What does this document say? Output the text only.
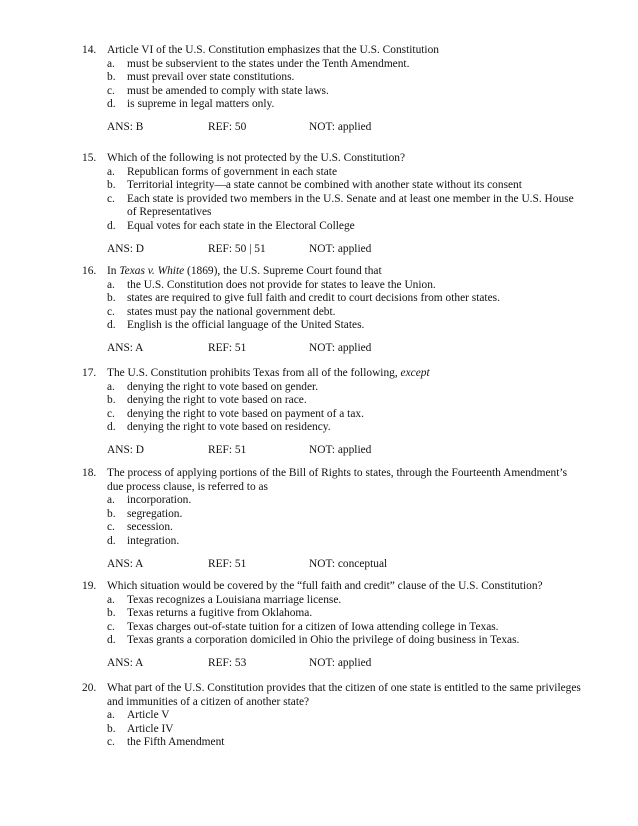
14. Article VI of the U.S. Constitution emphasizes that the U.S. Constitution
a.	must be subservient to the states under the Tenth Amendment.
b.	must prevail over state constitutions.
c.	must be amended to comply with state laws.
d.	is supreme in legal matters only.
ANS: B	REF: 50	NOT: applied
15. Which of the following is not protected by the U.S. Constitution?
a.	Republican forms of government in each state
b.	Territorial integrity—a state cannot be combined with another state without its consent
c.	Each state is provided two members in the U.S. Senate and at least one member in the U.S. House of Representatives
d.	Equal votes for each state in the Electoral College
ANS: D	REF: 50 | 51	NOT: applied
16. In Texas v. White (1869), the U.S. Supreme Court found that
a.	the U.S. Constitution does not provide for states to leave the Union.
b.	states are required to give full faith and credit to court decisions from other states.
c.	states must pay the national government debt.
d.	English is the official language of the United States.
ANS: A	REF: 51	NOT: applied
17. The U.S. Constitution prohibits Texas from all of the following, except
a.	denying the right to vote based on gender.
b.	denying the right to vote based on race.
c.	denying the right to vote based on payment of a tax.
d.	denying the right to vote based on residency.
ANS: D	REF: 51	NOT: applied
18. The process of applying portions of the Bill of Rights to states, through the Fourteenth Amendment’s due process clause, is referred to as
a.	incorporation.
b.	segregation.
c.	secession.
d.	integration.
ANS: A	REF: 51	NOT: conceptual
19. Which situation would be covered by the “full faith and credit” clause of the U.S. Constitution?
a.	Texas recognizes a Louisiana marriage license.
b.	Texas returns a fugitive from Oklahoma.
c.	Texas charges out-of-state tuition for a citizen of Iowa attending college in Texas.
d.	Texas grants a corporation domiciled in Ohio the privilege of doing business in Texas.
ANS: A	REF: 53	NOT: applied
20. What part of the U.S. Constitution provides that the citizen of one state is entitled to the same privileges and immunities of a citizen of another state?
a.	Article V
b.	Article IV
c.	the Fifth Amendment
